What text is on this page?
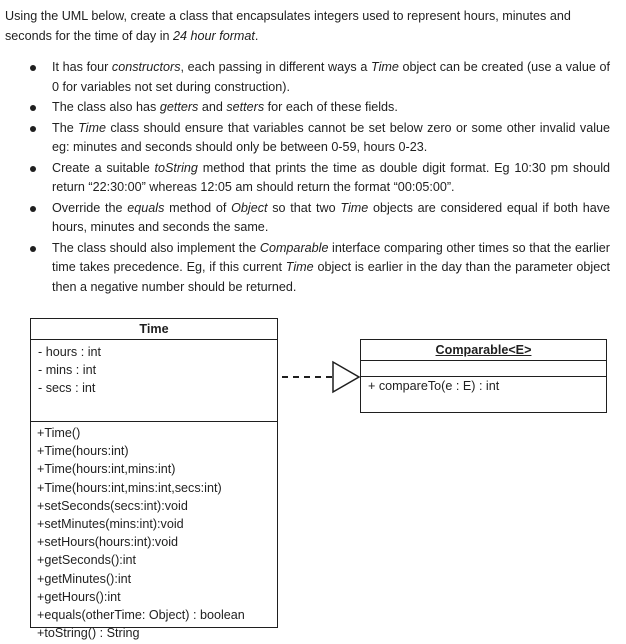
Using the UML below, create a class that encapsulates integers used to represent hours, minutes and
seconds for the time of day in 24 hour format.
It has four constructors, each passing in different ways a Time object can be created (use a value of 0 for variables not set during construction).
The class also has getters and setters for each of these fields.
The Time class should ensure that variables cannot be set below zero or some other invalid value eg: minutes and seconds should only be between 0-59, hours 0-23.
Create a suitable toString method that prints the time as double digit format. Eg 10:30 pm should return “22:30:00” whereas 12:05 am should return the format “00:05:00”.
Override the equals method of Object so that two Time objects are considered equal if both have hours, minutes and seconds the same.
The class should also implement the Comparable interface comparing other times so that the earlier time takes precedence. Eg, if this current Time object is earlier in the day than the parameter object then a negative number should be returned.
Time
- hours : int
- mins : int
- secs : int
+Time()
+Time(hours:int)
+Time(hours:int,mins:int)
+Time(hours:int,mins:int,secs:int)
+setSeconds(secs:int):void
+setMinutes(mins:int):void
+setHours(hours:int):void
+getSeconds():int
+getMinutes():int
+getHours():int
+equals(otherTime: Object) : boolean
+toString() : String
Comparable<E>
+ compareTo(e : E) : int
